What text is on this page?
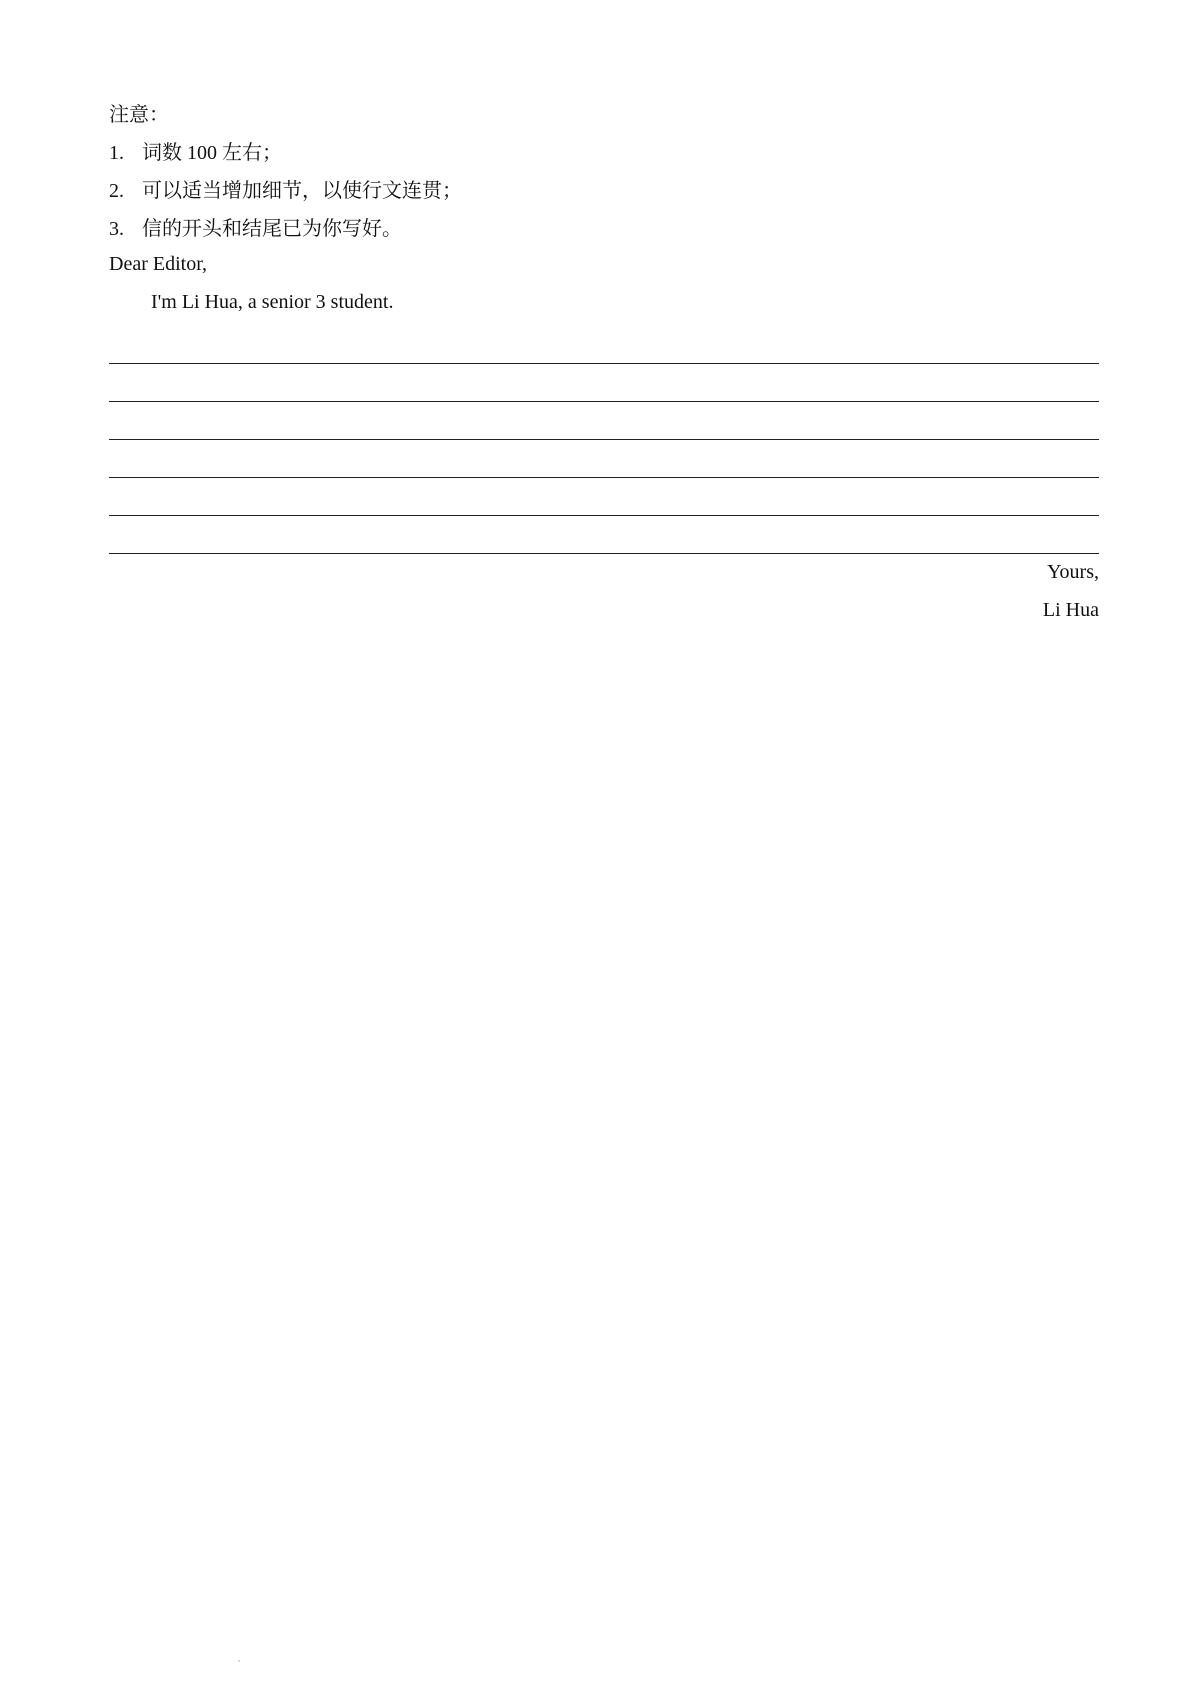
注意：
1. 词数 100 左右；
2. 可以适当增加细节，以使行文连贯；
3. 信的开头和结尾已为你写好。
Dear Editor,
I'm Li Hua, a senior 3 student.
Yours,
Li Hua
